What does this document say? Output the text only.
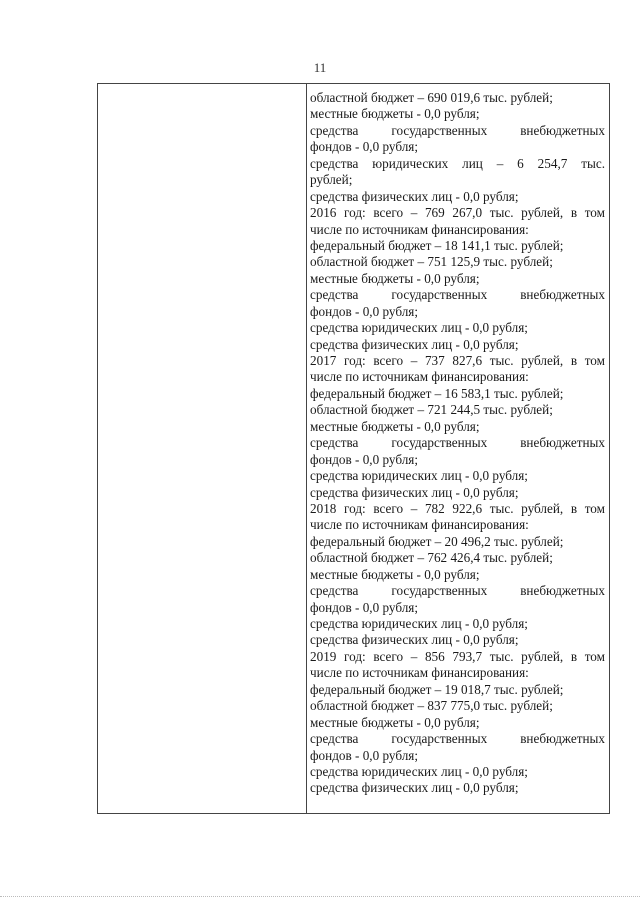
11
областной бюджет – 690 019,6 тыс. рублей;
местные бюджеты - 0,0 рубля;
средства государственных внебюджетных
фондов - 0,0 рубля;
средства юридических лиц – 6 254,7 тыс.
рублей;
средства физических лиц - 0,0 рубля;
2016 год: всего – 769 267,0 тыс. рублей, в том
числе по источникам финансирования:
федеральный бюджет – 18 141,1 тыс. рублей;
областной бюджет – 751 125,9 тыс. рублей;
местные бюджеты - 0,0 рубля;
средства государственных внебюджетных
фондов - 0,0 рубля;
средства юридических лиц - 0,0 рубля;
средства физических лиц - 0,0 рубля;
2017 год: всего – 737 827,6 тыс. рублей, в том
числе по источникам финансирования:
федеральный бюджет – 16 583,1 тыс. рублей;
областной бюджет – 721 244,5 тыс. рублей;
местные бюджеты - 0,0 рубля;
средства государственных внебюджетных
фондов - 0,0 рубля;
средства юридических лиц - 0,0 рубля;
средства физических лиц - 0,0 рубля;
2018 год: всего – 782 922,6 тыс. рублей, в том
числе по источникам финансирования:
федеральный бюджет – 20 496,2 тыс. рублей;
областной бюджет – 762 426,4 тыс. рублей;
местные бюджеты - 0,0 рубля;
средства государственных внебюджетных
фондов - 0,0 рубля;
средства юридических лиц - 0,0 рубля;
средства физических лиц - 0,0 рубля;
2019 год: всего – 856 793,7 тыс. рублей, в том
числе по источникам финансирования:
федеральный бюджет – 19 018,7 тыс. рублей;
областной бюджет – 837 775,0 тыс. рублей;
местные бюджеты - 0,0 рубля;
средства государственных внебюджетных
фондов - 0,0 рубля;
средства юридических лиц - 0,0 рубля;
средства физических лиц - 0,0 рубля;
